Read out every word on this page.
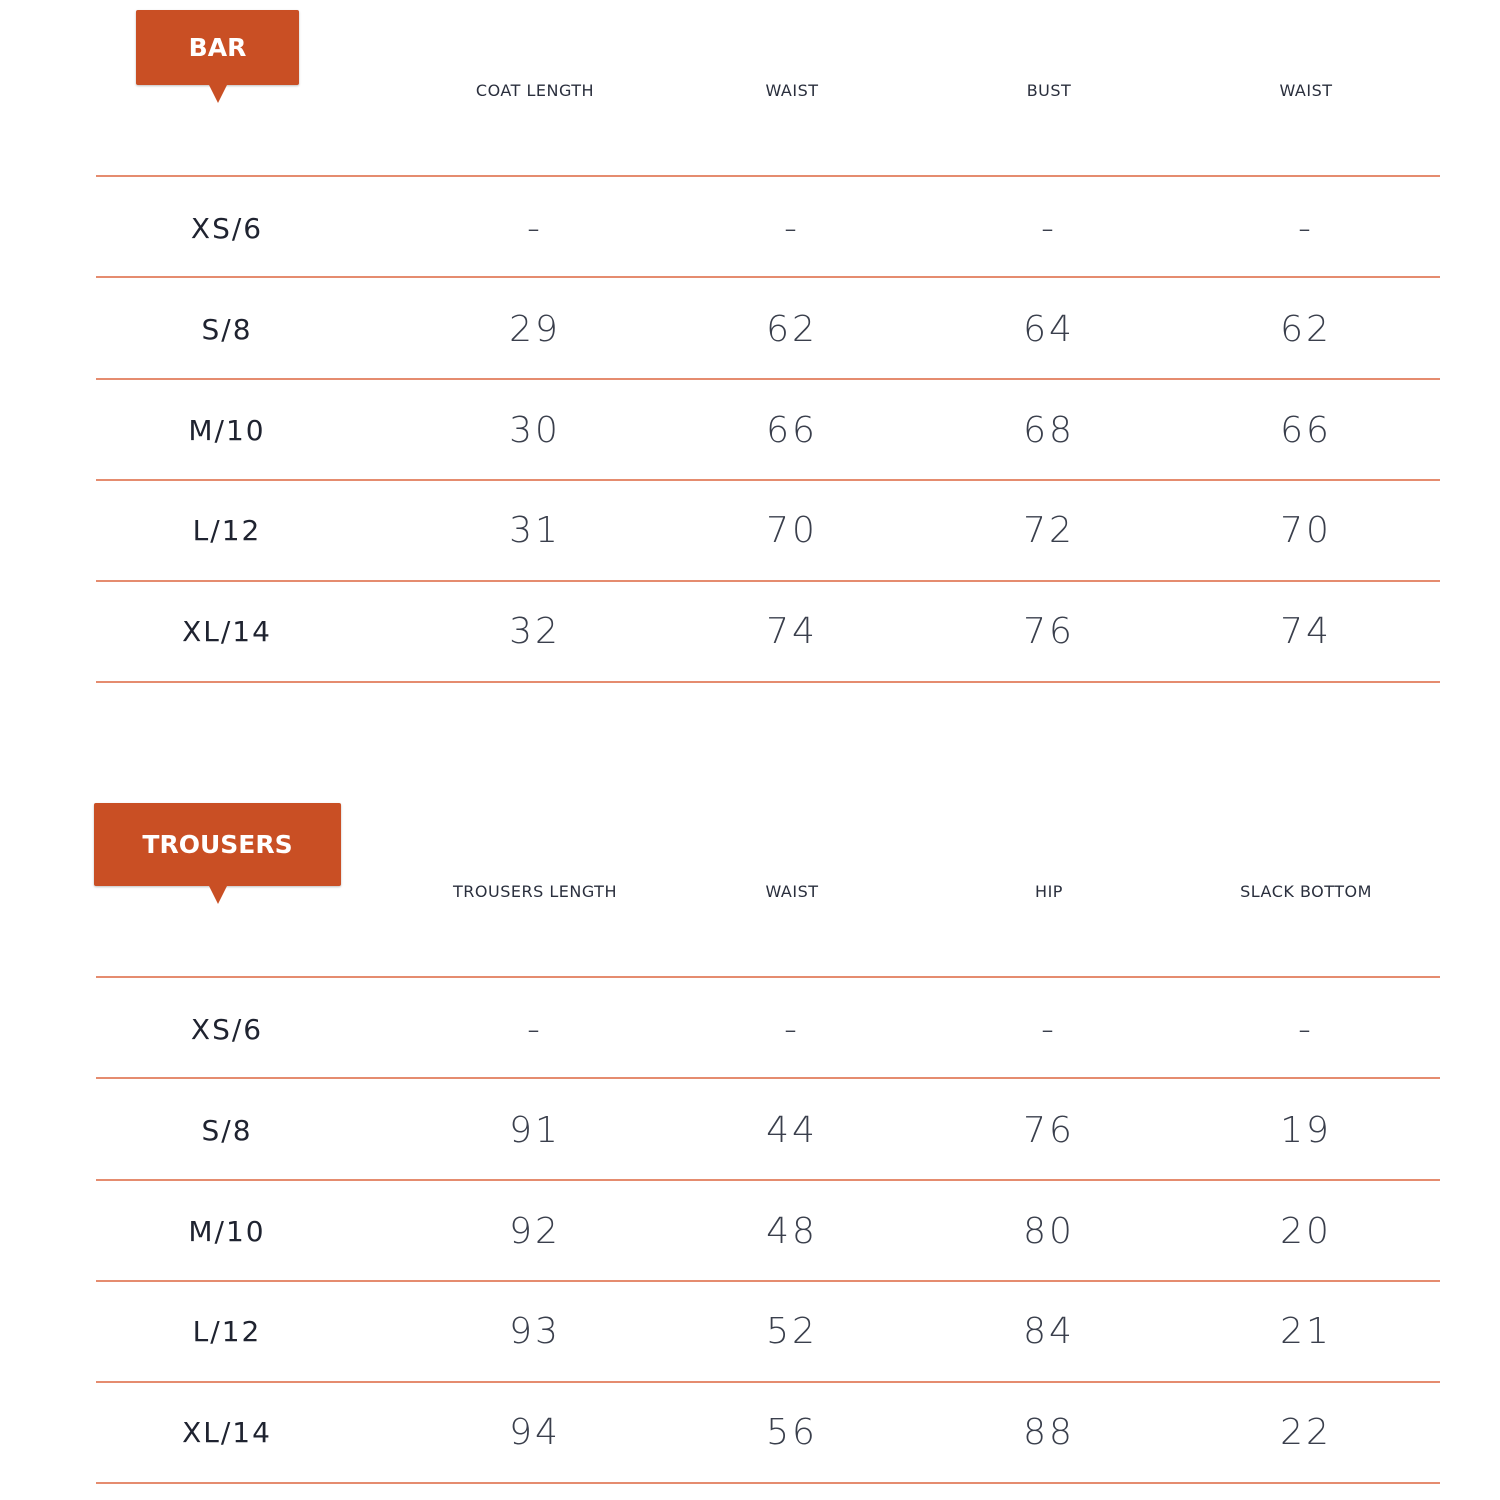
BAR
COAT LENGTH	WAIST	BUST	WAIST
XS/6	-	-	-	-
S/8	29	62	64	62
M/10	30	66	68	66
L/12	31	70	72	70
XL/14	32	74	76	74
TROUSERS
TROUSERS LENGTH	WAIST	HIP	SLACK BOTTOM
XS/6	-	-	-	-
S/8	91	44	76	19
M/10	92	48	80	20
L/12	93	52	84	21
XL/14	94	56	88	22
